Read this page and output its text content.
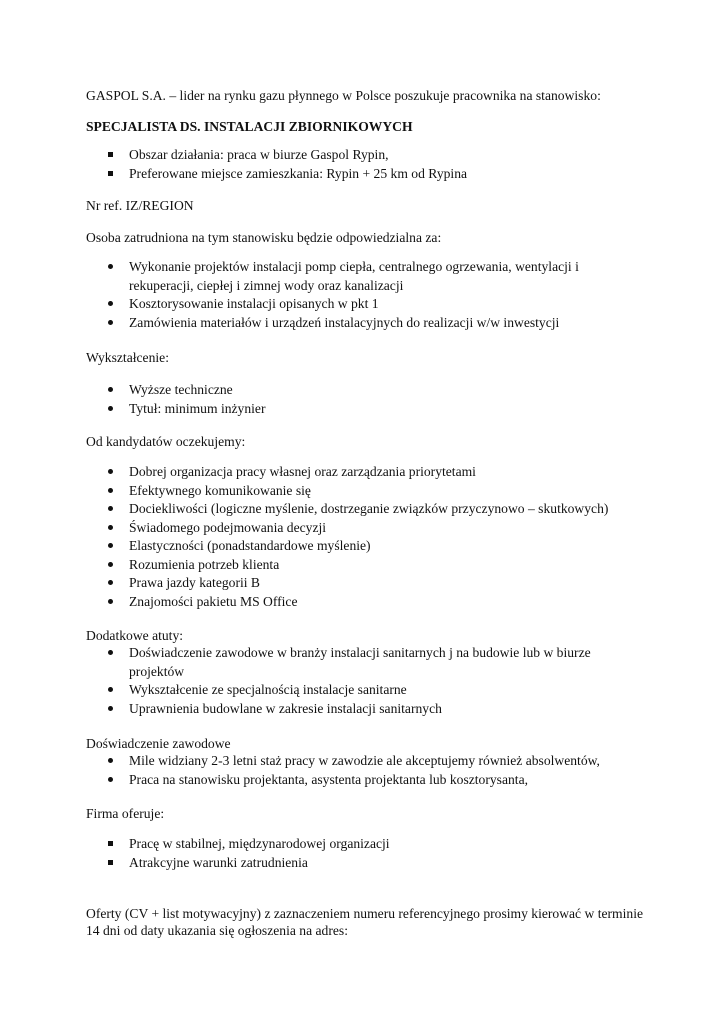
GASPOL S.A. – lider na rynku gazu płynnego w Polsce poszukuje pracownika na stanowisko:

SPECJALISTA DS. INSTALACJI ZBIORNIKOWYCH

Obszar działania: praca w biurze Gaspol Rypin,
Preferowane miejsce zamieszkania: Rypin + 25 km od Rypina

Nr ref. IZ/REGION

Osoba zatrudniona na tym stanowisku będzie odpowiedzialna za:

Wykonanie projektów instalacji pomp ciepła, centralnego ogrzewania, wentylacji i rekuperacji, ciepłej i zimnej wody oraz kanalizacji
Kosztorysowanie instalacji opisanych w pkt 1
Zamówienia materiałów i urządzeń instalacyjnych do realizacji w/w inwestycji

Wykształcenie:

Wyższe techniczne
Tytuł: minimum inżynier

Od kandydatów oczekujemy:

Dobrej organizacja pracy własnej oraz zarządzania priorytetami
Efektywnego komunikowanie się
Dociekliwości (logiczne myślenie, dostrzeganie związków przyczynowo – skutkowych)
Świadomego podejmowania decyzji
Elastyczności (ponadstandardowe myślenie)
Rozumienia potrzeb klienta
Prawa jazdy kategorii B
Znajomości pakietu MS Office

Dodatkowe atuty:

Doświadczenie zawodowe w branży instalacji sanitarnych j na budowie lub w biurze projektów
Wykształcenie ze specjalnością instalacje sanitarne
Uprawnienia budowlane w zakresie instalacji sanitarnych

Doświadczenie zawodowe

Mile widziany 2-3 letni staż pracy w zawodzie ale akceptujemy również absolwentów,
Praca na stanowisku projektanta, asystenta projektanta lub kosztorysanta,

Firma oferuje:

Pracę w stabilnej, międzynarodowej organizacji
Atrakcyjne warunki zatrudnienia

Oferty (CV + list motywacyjny) z zaznaczeniem numeru referencyjnego prosimy kierować w terminie 14 dni od daty ukazania się ogłoszenia na adres:
